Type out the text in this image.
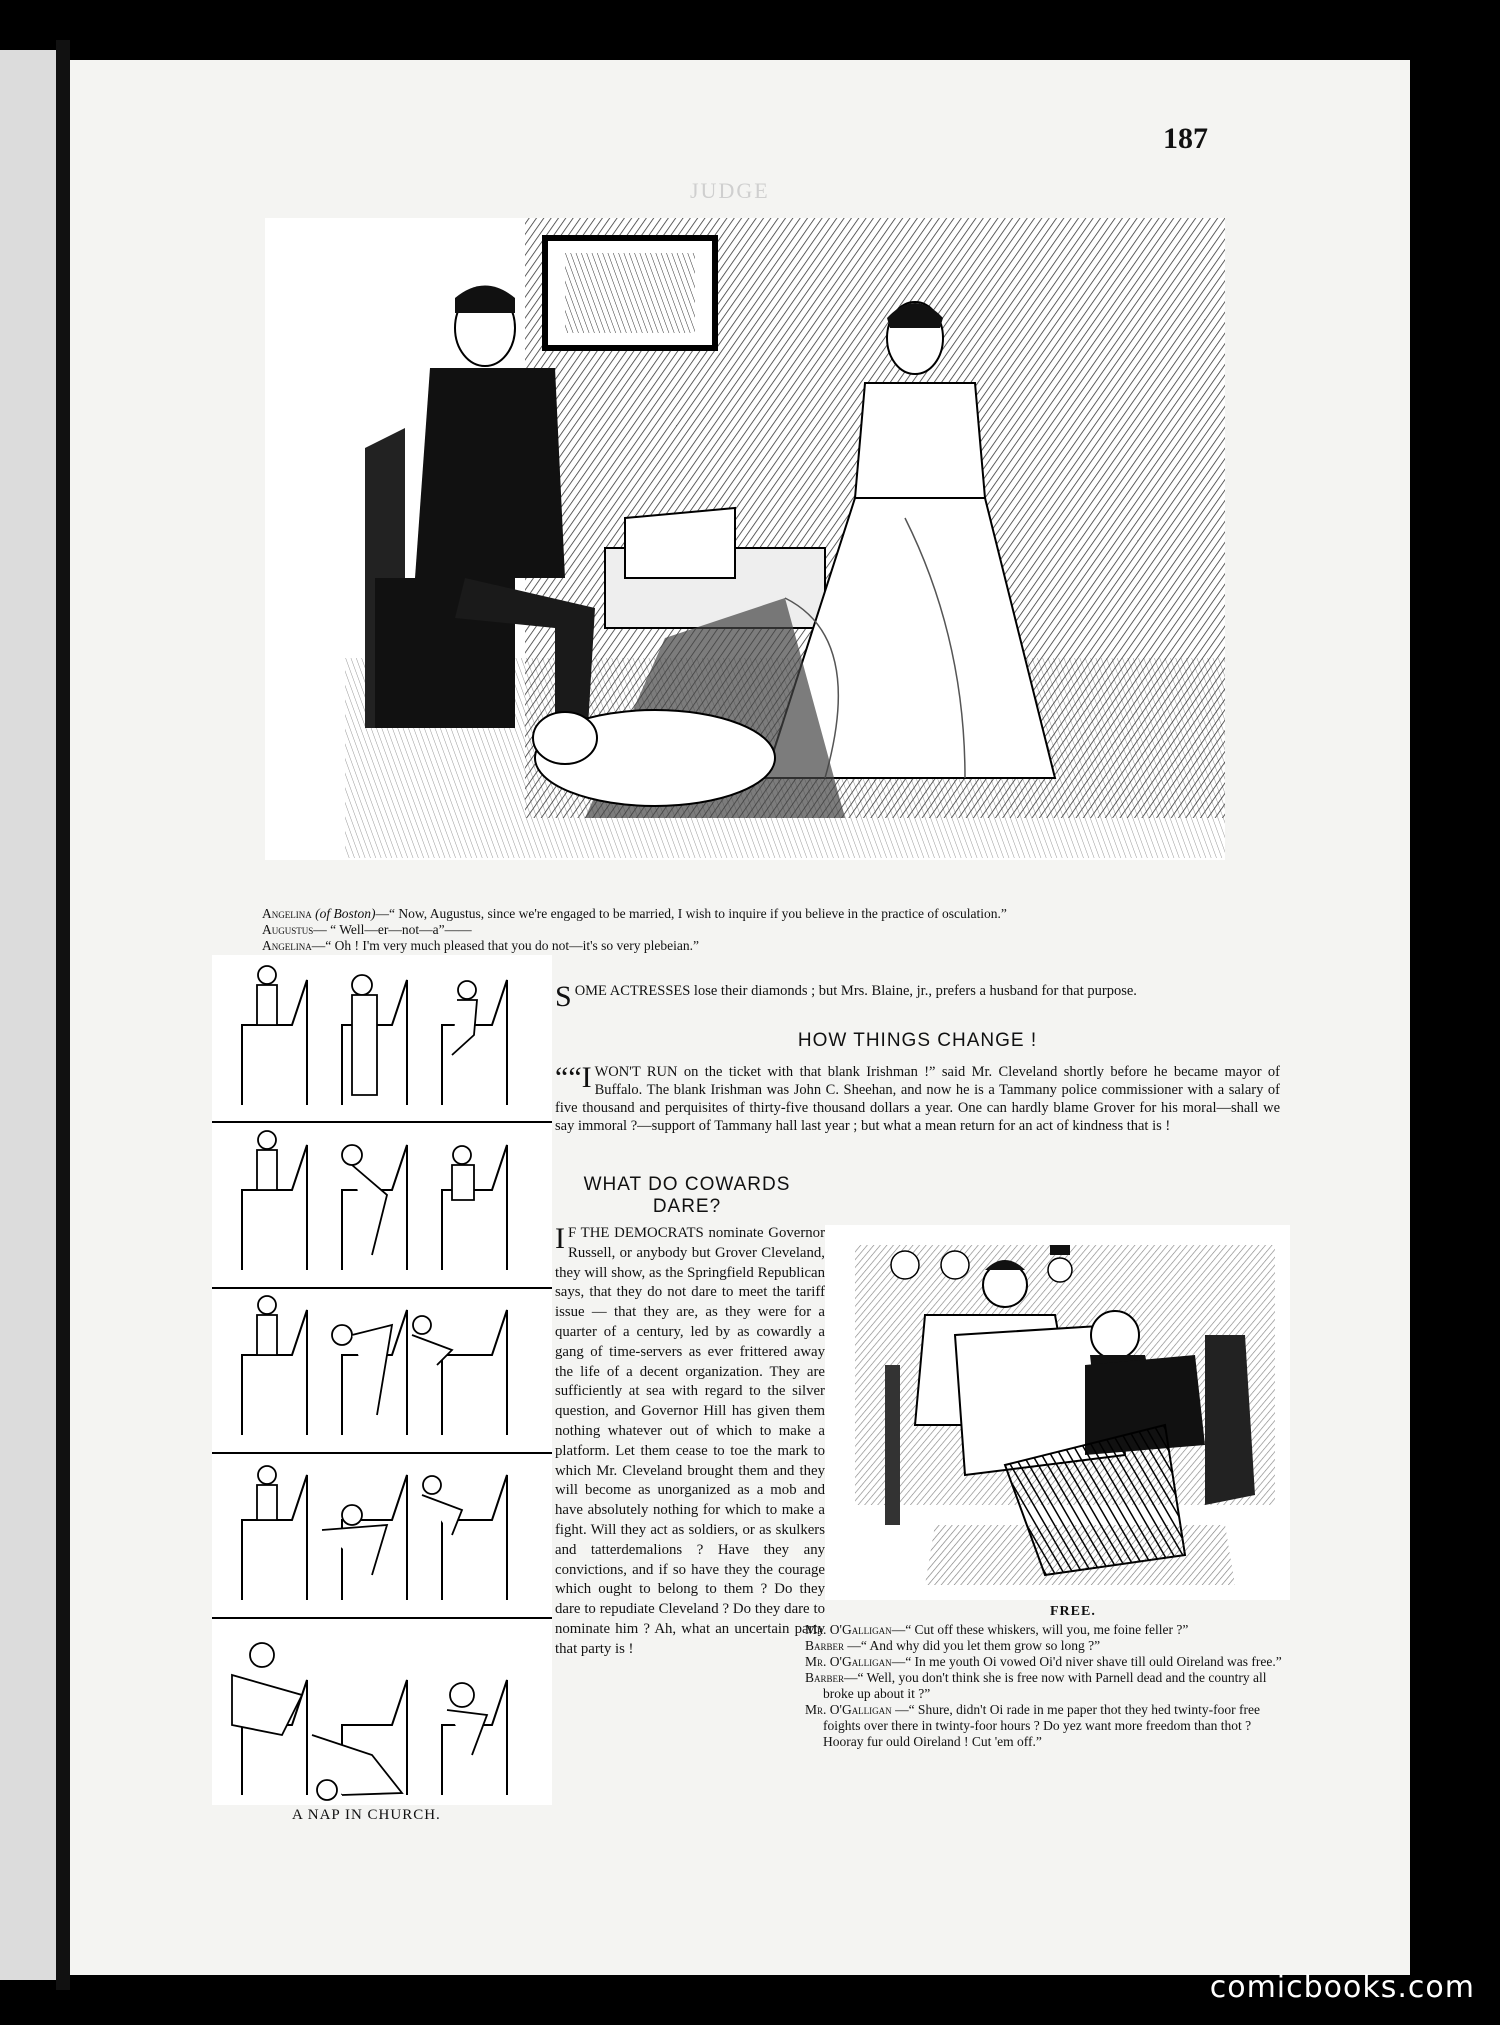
JUDGE
187

Angelina (of Boston)—“ Now, Augustus, since we're engaged to be married, I wish to inquire if you believe in the practice of osculation.”

Augustus— “ Well—er—not—a”——

Angelina—“ Oh ! I'm very much pleased that you do not—it's so very plebeian.”

A NAP IN CHURCH.

SOME ACTRESSES lose their diamonds ; but Mrs. Blaine, jr., prefers a husband for that purpose.

HOW THINGS CHANGE !

““I WON'T RUN on the ticket with that blank Irishman !” said Mr. Cleveland shortly before he became mayor of Buffalo. The blank Irishman was John C. Sheehan, and now he is a Tammany police commissioner with a salary of five thousand and perquisites of thirty-five thousand dollars a year. One can hardly blame Grover for his moral—shall we say immoral ?—support of Tammany hall last year ; but what a mean return for an act of kindness that is !

WHAT DO COWARDS
DARE?

I F THE DEMOCRATS nominate Governor Russell, or anybody but Grover Cleveland, they will show, as the Springfield Republican says, that they do not dare to meet the tariff issue — that they are, as they were for a quarter of a century, led by as cowardly a gang of time-servers as ever frittered away the life of a decent organization. They are sufficiently at sea with regard to the silver question, and Governor Hill has given them nothing whatever out of which to make a platform. Let them cease to toe the mark to which Mr. Cleveland brought them and they will become as unorganized as a mob and have absolutely nothing for which to make a fight. Will they act as soldiers, or as skulkers and tatterdemalions ? Have they any convictions, and if so have they the courage which ought to belong to them ? Do they dare to repudiate Cleveland ? Do they dare to nominate him ? Ah, what an uncertain party that party is !

FREE.

Mr. O'Galligan—“ Cut off these whiskers, will you, me foine feller ?”

Barber —“ And why did you let them grow so long ?”

Mr. O'Galligan—“ In me youth Oi vowed Oi'd niver shave till ould Oireland was free.”

Barber—“ Well, you don't think she is free now with Parnell dead and the country all broke up about it ?”

Mr. O'Galligan —“ Shure, didn't Oi rade in me paper thot they hed twinty-foor free foights over there in twinty-foor hours ? Do yez want more freedom than thot ? Hooray fur ould Oireland ! Cut 'em off.”

comicbooks.com
